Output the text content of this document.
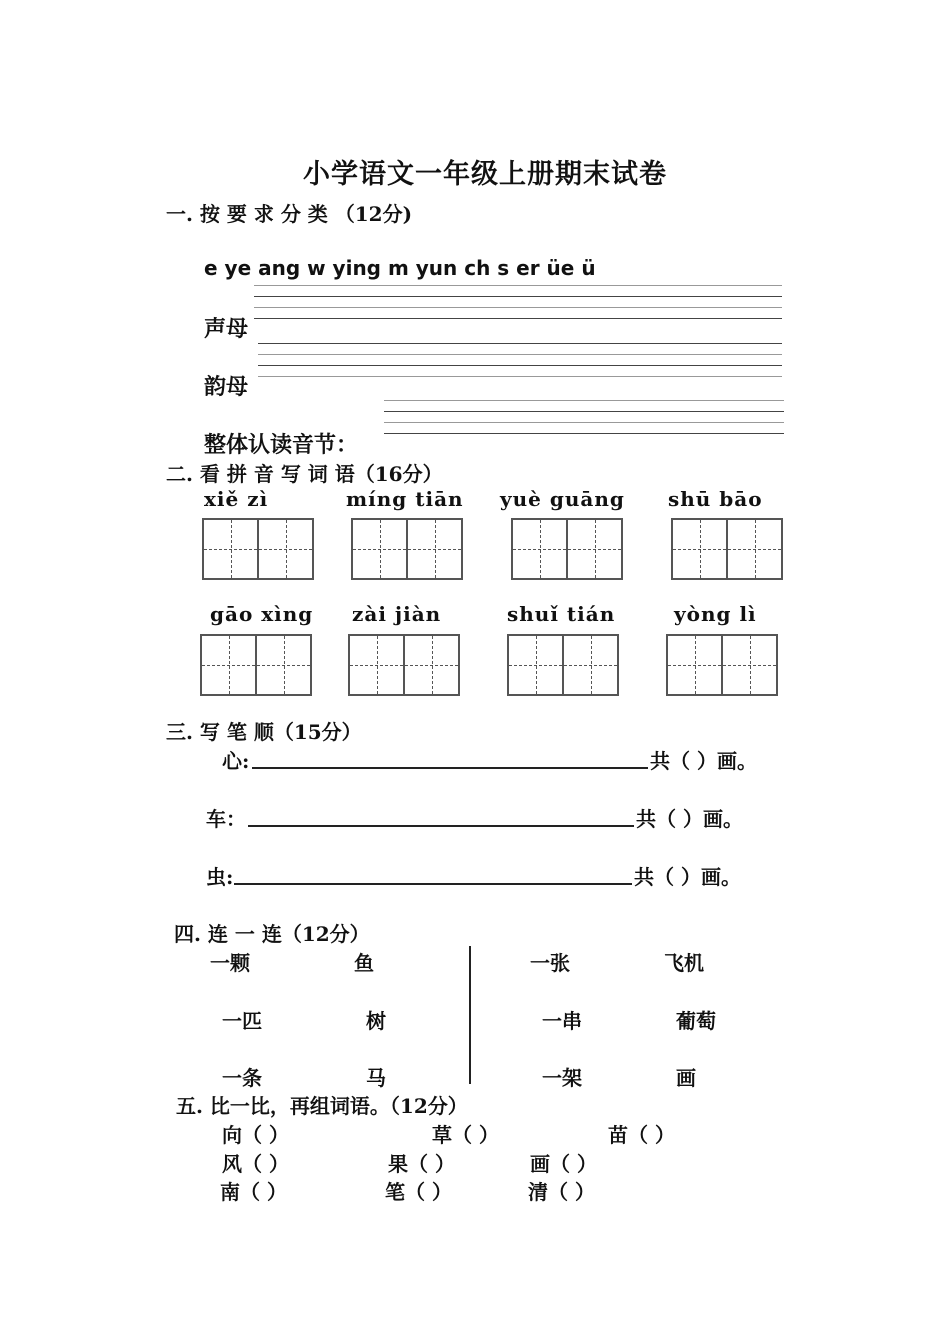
小学语文一年级上册期末试卷
一. 按 要 求 分 类 （12分)
e ye ang w ying m yun ch s er üe ü
声母
韵母
整体认读音节：
二. 看 拼 音 写 词 语（16分）
xiě zì	míng tiān yuè guāng shū bāo
gāo xìng zài jiàn	shuǐ tián	yòng lì
三. 写 笔 顺（15分）
心:	共（ ）画。
车：	共（ ）画。
虫:	共（ ）画。
四. 连 一 连（12分）
一颗	鱼
一匹	树
一条	马
一张	飞机
一串	葡萄
一架	画
五. 比一比，再组词语。（12分）
向（ ）	草（ ）	苗（ ）
风（ ）	果（ ）	画（ ）
南（ ）	笔（ ）	清（ ）
